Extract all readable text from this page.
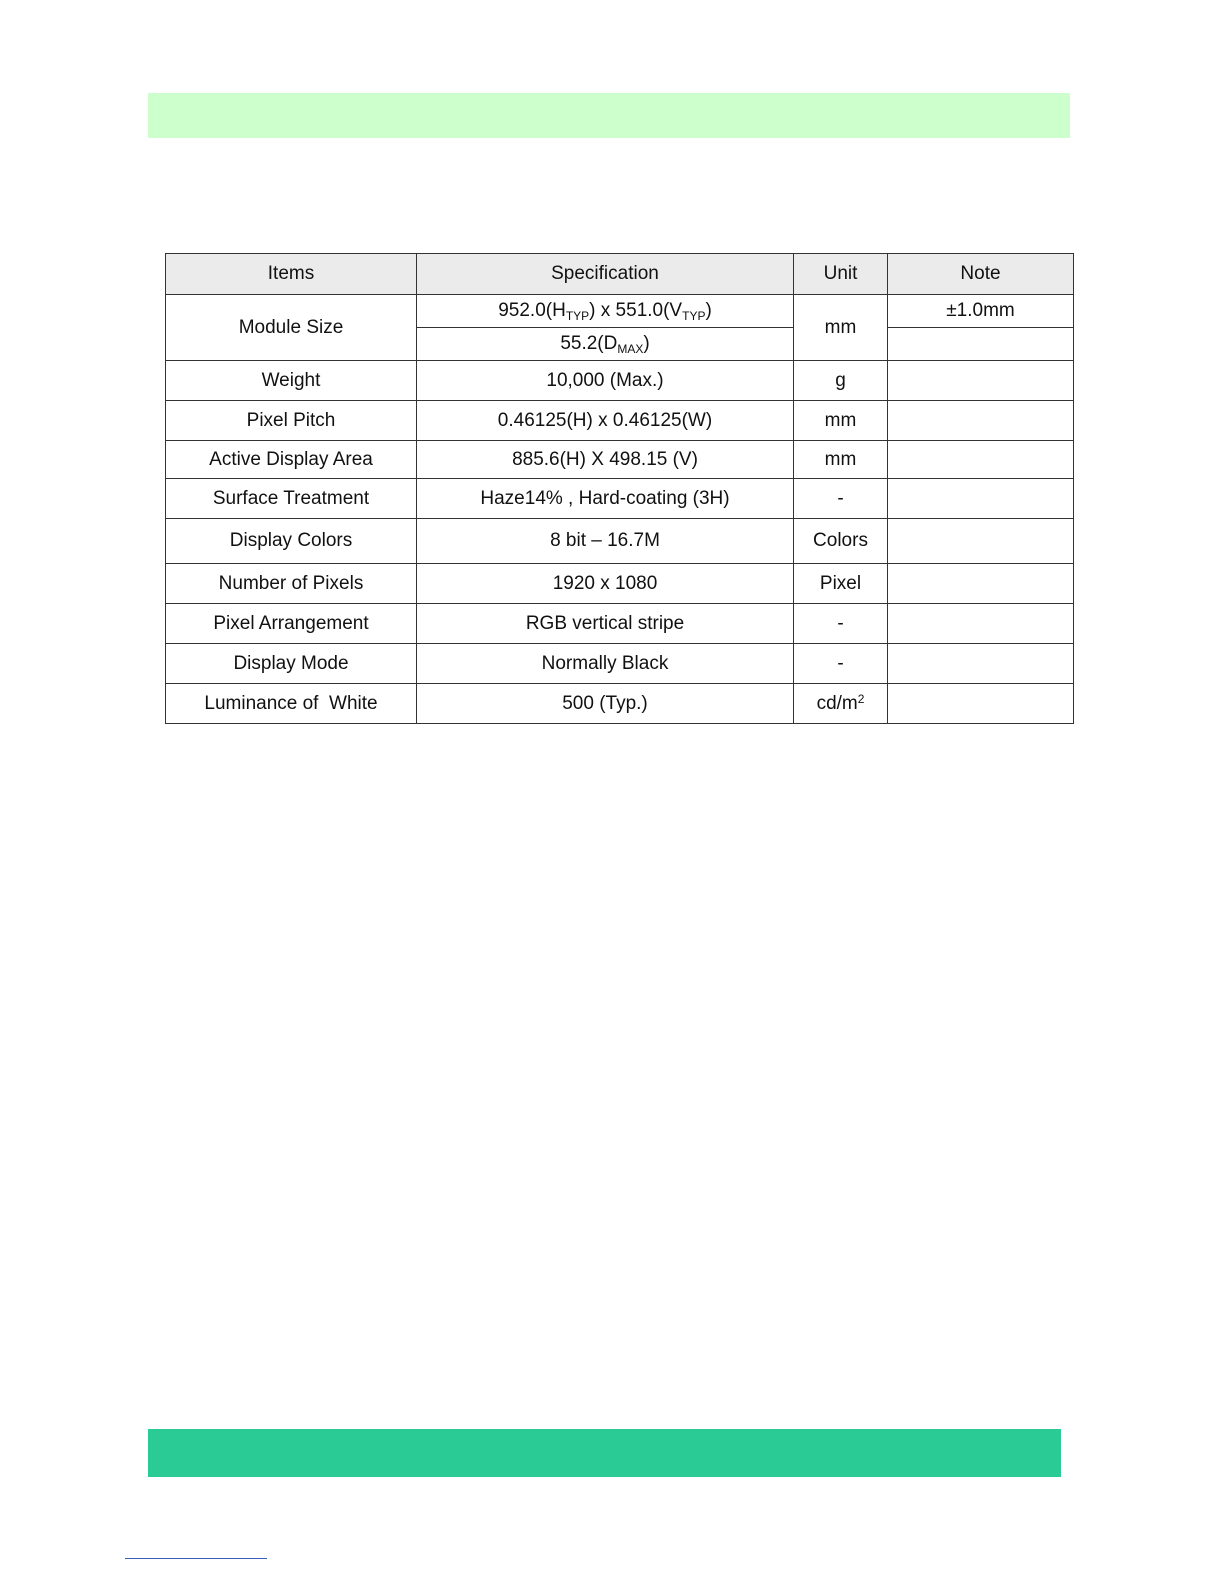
Items	Specification	Unit	Note
Module Size	$952.0(H_{TYP})$ x $551.0(V_{TYP})$	mm	±1.0mm
	$55.2(D_{MAX})$		
Weight	10,000 (Max.)	g	
Pixel Pitch	0.46125(H) x 0.46125(W)	mm	
Active Display Area	885.6(H) X 498.15 (V)	mm	
Surface Treatment	Haze14% , Hard-coating (3H)	-	
Display Colors	8 bit – 16.7M	Colors	
Number of Pixels	1920 x 1080	Pixel	
Pixel Arrangement	RGB vertical stripe	-	
Display Mode	Normally Black	-	
Luminance of  White	500 (Typ.)	$cd/m^2$	
